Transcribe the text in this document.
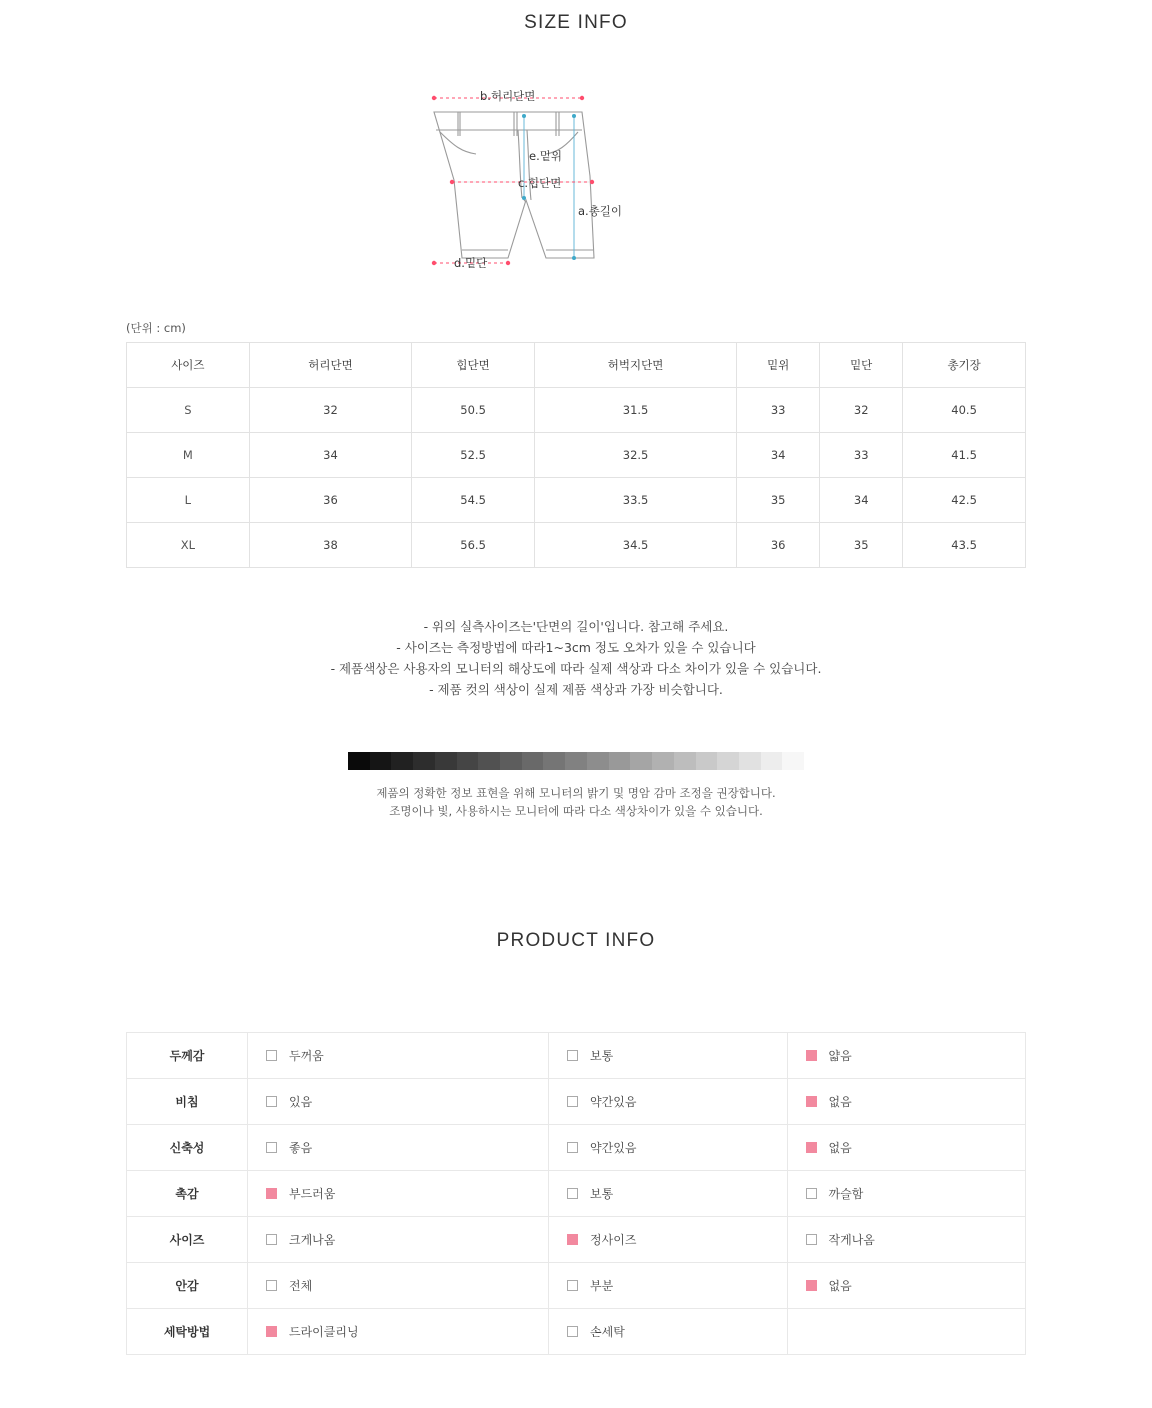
SIZE INFO
b.허리단면
e.밑위
c.힙단면
a.총길이
d.밑단
(단위 : cm)
사이즈	허리단면	힙단면	허벅지단면	밑위	밑단	총기장
S	32	50.5	31.5	33	32	40.5
M	34	52.5	32.5	34	33	41.5
L	36	54.5	33.5	35	34	42.5
XL	38	56.5	34.5	36	35	43.5
- 위의 실측사이즈는'단면의 길이'입니다. 참고해 주세요.
- 사이즈는 측정방법에 따라1~3cm 정도 오차가 있을 수 있습니다
- 제품색상은 사용자의 모니터의 해상도에 따라 실제 색상과 다소 차이가 있을 수 있습니다.
- 제품 컷의 색상이 실제 제품 색상과 가장 비슷합니다.
제품의 정확한 정보 표현을 위해 모니터의 밝기 및 명암 감마 조정을 권장합니다.
조명이나 빛, 사용하시는 모니터에 따라 다소 색상차이가 있을 수 있습니다.
PRODUCT INFO
두께감	두꺼움	보통	얇음

비침	있음	약간있음	없음

신축성	좋음	약간있음	없음

촉감	부드러움	보통	까슬함

사이즈	크게나옴	정사이즈	작게나옴

안감	전체	부분	없음

세탁방법	드라이클리닝	손세탁	
